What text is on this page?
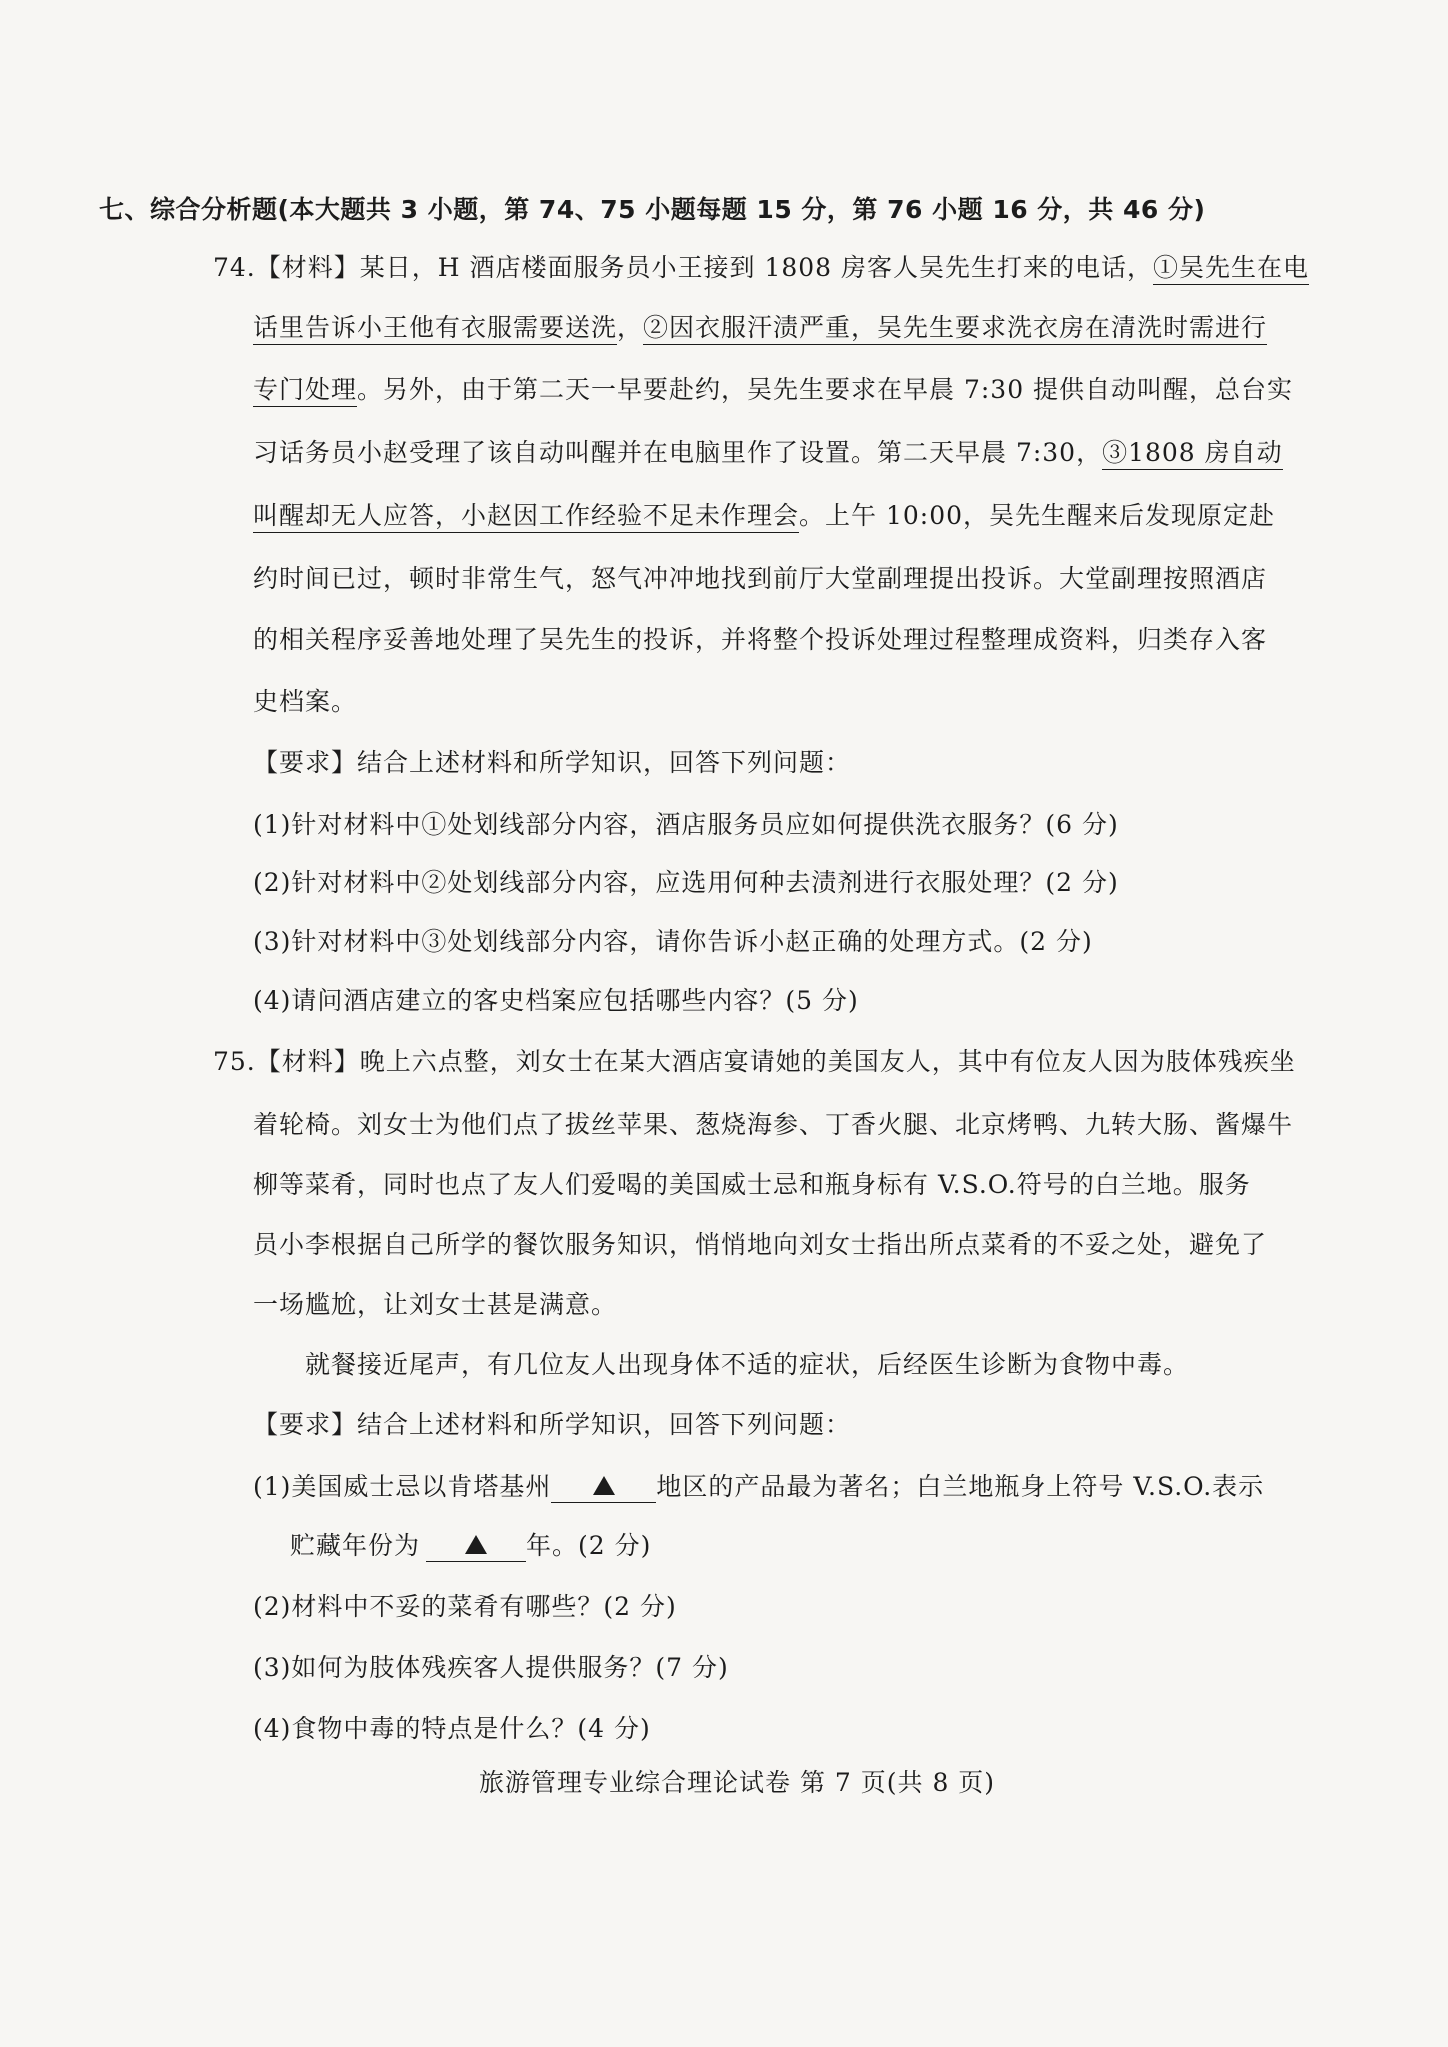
七、综合分析题(本大题共 3 小题，第 74、75 小题每题 15 分，第 76 小题 16 分，共 46 分)
74.【材料】某日，H 酒店楼面服务员小王接到 1808 房客人吴先生打来的电话，①吴先生在电
话里告诉小王他有衣服需要送洗，②因衣服汗渍严重，吴先生要求洗衣房在清洗时需进行
专门处理。另外，由于第二天一早要赴约，吴先生要求在早晨 7:30 提供自动叫醒，总台实
习话务员小赵受理了该自动叫醒并在电脑里作了设置。第二天早晨 7:30，③1808 房自动
叫醒却无人应答，小赵因工作经验不足未作理会。上午 10:00，吴先生醒来后发现原定赴
约时间已过，顿时非常生气，怒气冲冲地找到前厅大堂副理提出投诉。大堂副理按照酒店
的相关程序妥善地处理了吴先生的投诉，并将整个投诉处理过程整理成资料，归类存入客
史档案。
【要求】结合上述材料和所学知识，回答下列问题：
(1)针对材料中①处划线部分内容，酒店服务员应如何提供洗衣服务？(6 分)
(2)针对材料中②处划线部分内容，应选用何种去渍剂进行衣服处理？(2 分)
(3)针对材料中③处划线部分内容，请你告诉小赵正确的处理方式。(2 分)
(4)请问酒店建立的客史档案应包括哪些内容？(5 分)
75.【材料】晚上六点整，刘女士在某大酒店宴请她的美国友人，其中有位友人因为肢体残疾坐
着轮椅。刘女士为他们点了拔丝苹果、葱烧海参、丁香火腿、北京烤鸭、九转大肠、酱爆牛
柳等菜肴，同时也点了友人们爱喝的美国威士忌和瓶身标有 V.S.O.符号的白兰地。服务
员小李根据自己所学的餐饮服务知识，悄悄地向刘女士指出所点菜肴的不妥之处，避免了
一场尴尬，让刘女士甚是满意。
就餐接近尾声，有几位友人出现身体不适的症状，后经医生诊断为食物中毒。
【要求】结合上述材料和所学知识，回答下列问题：
(1)美国威士忌以肯塔基州	地区的产品最为著名；白兰地瓶身上符号 V.S.O.表示
贮藏年份为	年。(2 分)
(2)材料中不妥的菜肴有哪些？(2 分)
(3)如何为肢体残疾客人提供服务？(7 分)
(4)食物中毒的特点是什么？(4 分)
旅游管理专业综合理论试卷 第 7 页(共 8 页)
